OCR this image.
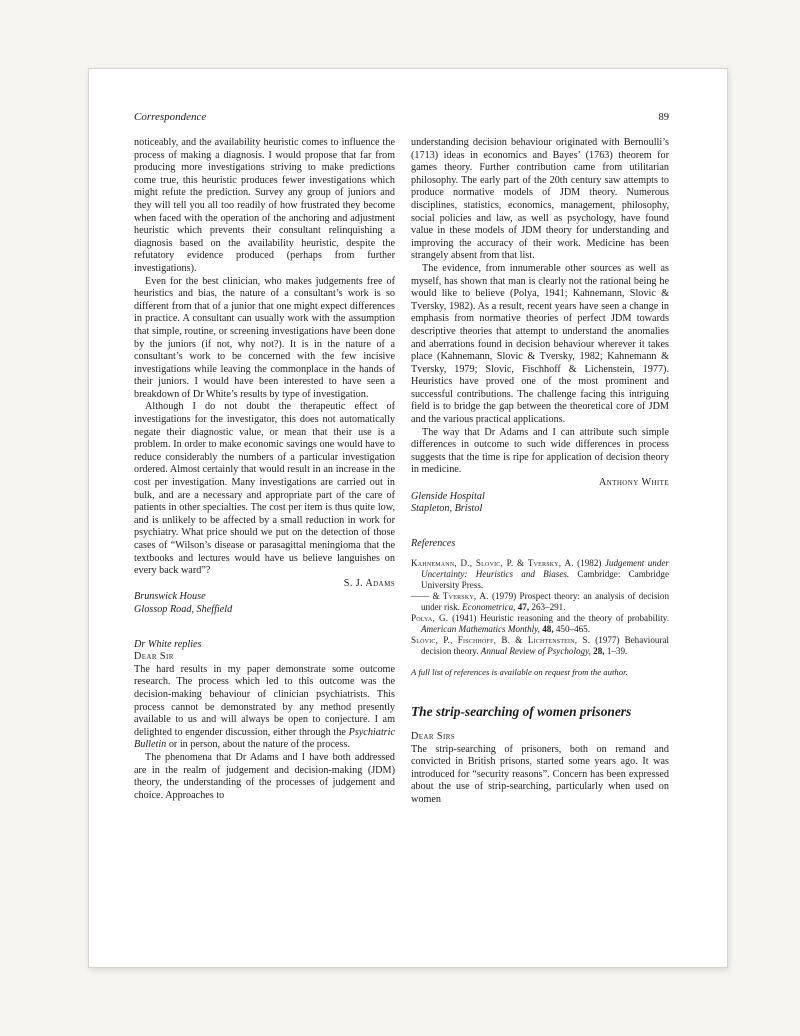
Correspondence	89

noticeably, and the availability heuristic comes to influence the process of making a diagnosis. I would propose that far from producing more investigations striving to make predictions come true, this heuristic produces fewer investigations which might refute the prediction. Survey any group of juniors and they will tell you all too readily of how frustrated they become when faced with the operation of the anchoring and adjustment heuristic which prevents their consultant relinquishing a diagnosis based on the availability heuristic, despite the refutatory evidence produced (perhaps from further investigations).

Even for the best clinician, who makes judgements free of heuristics and bias, the nature of a consultant’s work is so different from that of a junior that one might expect differences in practice. A consultant can usually work with the assumption that simple, routine, or screening investigations have been done by the juniors (if not, why not?). It is in the nature of a consultant’s work to be concerned with the few incisive investigations while leaving the commonplace in the hands of their juniors. I would have been interested to have seen a breakdown of Dr White’s results by type of investigation.

Although I do not doubt the therapeutic effect of investigations for the investigator, this does not automatically negate their diagnostic value, or mean that their use is a problem. In order to make economic savings one would have to reduce considerably the numbers of a particular investigation ordered. Almost certainly that would result in an increase in the cost per investigation. Many investigations are carried out in bulk, and are a necessary and appropriate part of the care of patients in other specialties. The cost per item is thus quite low, and is unlikely to be affected by a small reduction in work for psychiatry. What price should we put on the detection of those cases of “Wilson’s disease or parasagittal meningioma that the textbooks and lectures would have us believe languishes on every back ward”?

S. J. Adams

Brunswick House
Glossop Road, Sheffield

Dr White replies

Dear Sir

The hard results in my paper demonstrate some outcome research. The process which led to this outcome was the decision-making behaviour of clinician psychiatrists. This process cannot be demonstrated by any method presently available to us and will always be open to conjecture. I am delighted to engender discussion, either through the Psychiatric Bulletin or in person, about the nature of the process.

The phenomena that Dr Adams and I have both addressed are in the realm of judgement and decision-making (JDM) theory, the understanding of the processes of judgement and choice. Approaches to

understanding decision behaviour originated with Bernoulli’s (1713) ideas in economics and Bayes’ (1763) theorem for games theory. Further contribution came from utilitarian philosophy. The early part of the 20th century saw attempts to produce normative models of JDM theory. Numerous disciplines, statistics, economics, management, philosophy, social policies and law, as well as psychology, have found value in these models of JDM theory for understanding and improving the accuracy of their work. Medicine has been strangely absent from that list.

The evidence, from innumerable other sources as well as myself, has shown that man is clearly not the rational being he would like to believe (Polya, 1941; Kahnemann, Slovic & Tversky, 1982). As a result, recent years have seen a change in emphasis from normative theories of perfect JDM towards descriptive theories that attempt to understand the anomalies and aberrations found in decision behaviour wherever it takes place (Kahnemann, Slovic & Tversky, 1982; Kahnemann & Tversky, 1979; Slovic, Fischhoff & Lichenstein, 1977). Heuristics have proved one of the most prominent and successful contributions. The challenge facing this intriguing field is to bridge the gap between the theoretical core of JDM and the various practical applications.

The way that Dr Adams and I can attribute such simple differences in outcome to such wide differences in process suggests that the time is ripe for application of decision theory in medicine.

Anthony White

Glenside Hospital
Stapleton, Bristol

References

Kahnemann, D., Slovic, P. & Tversky, A. (1982) Judgement under Uncertainty: Heuristics and Biases. Cambridge: Cambridge University Press.

—— & Tversky, A. (1979) Prospect theory: an analysis of decision under risk. Econometrica, 47, 263–291.

Polya, G. (1941) Heuristic reasoning and the theory of probability. American Mathematics Monthly, 48, 450–465.

Slovic, P., Fischhoff, B. & Lichtenstein, S. (1977) Behavioural decision theory. Annual Review of Psychology, 28, 1–39.

A full list of references is available on request from the author.

The strip-searching of women prisoners

Dear Sirs

The strip-searching of prisoners, both on remand and convicted in British prisons, started some years ago. It was introduced for “security reasons”. Concern has been expressed about the use of strip-searching, particularly when used on women
